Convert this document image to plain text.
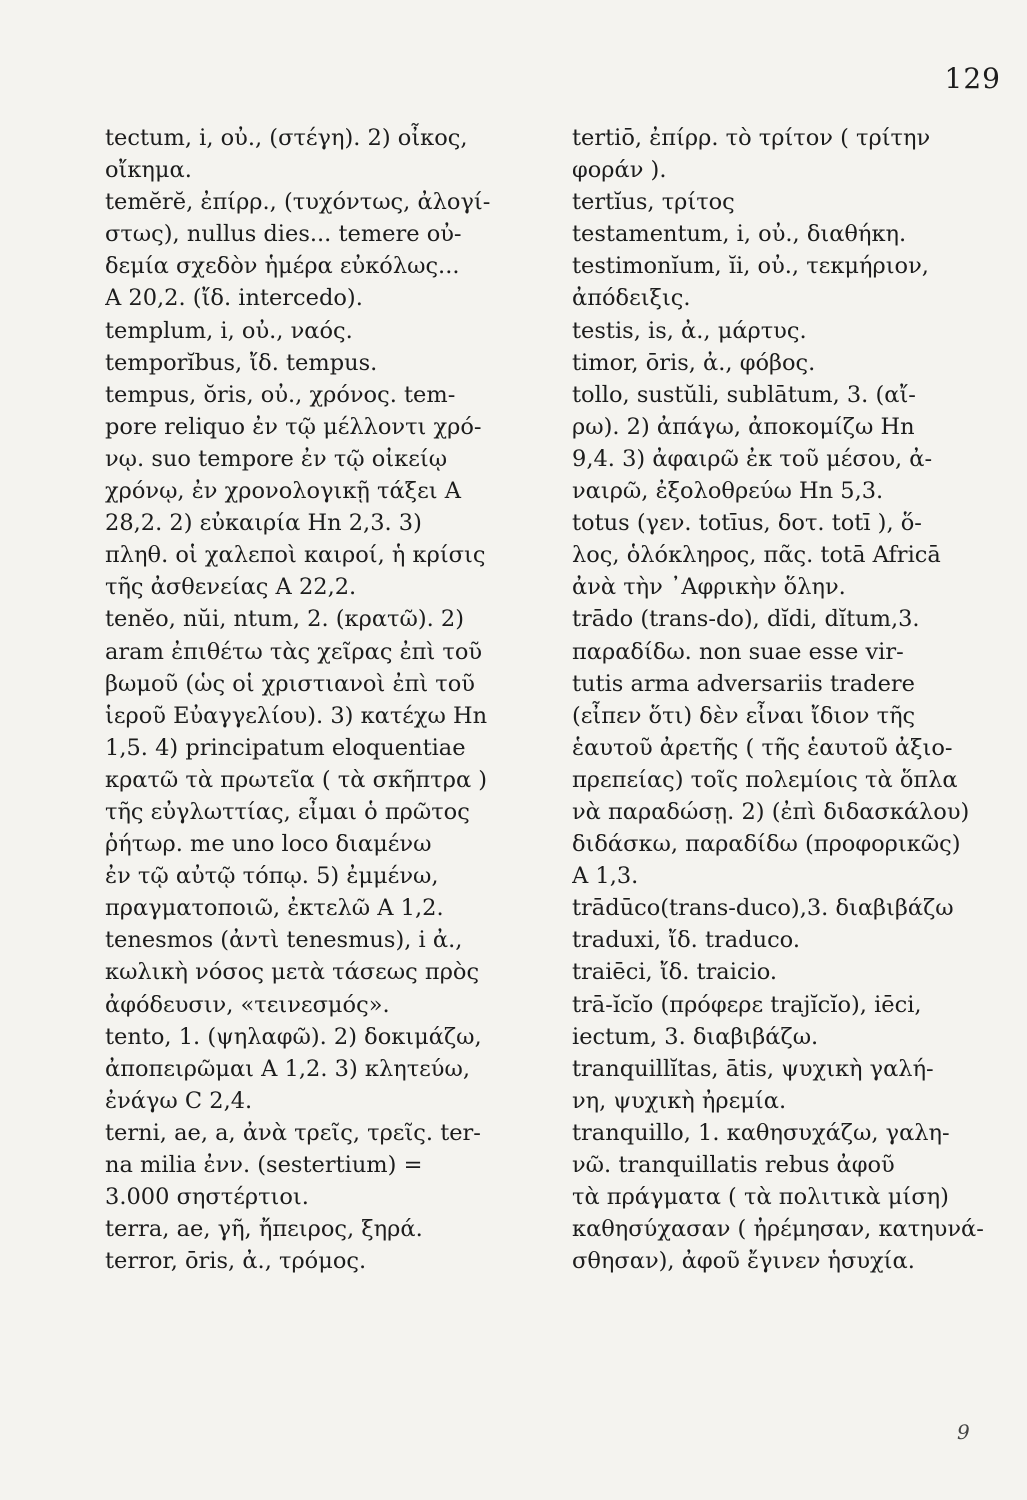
129
tectum, i, οὐ., (στέγη). 2) οἶκος,
οἴκημα.
temĕrĕ, ἐπίρρ., (τυχόντως, ἀλογί-
στως), nullus dies... temere οὐ-
δεμία σχεδὸν ἡμέρα εὐκόλως...
A 20,2. (ἴδ. intercedo).
templum, i, οὐ., ναός.
temporĭbus, ἴδ. tempus.
tempus, ŏris, οὐ., χρόνος. tem-
pore reliquo ἐν τῷ μέλλοντι χρό-
νῳ. suo tempore ἐν τῷ οἰκείῳ
χρόνῳ, ἐν χρονολογικῇ τάξει A
28,2. 2) εὐκαιρία Hn 2,3. 3)
πληθ. οἱ χαλεποὶ καιροί, ἡ κρίσις
τῆς ἀσθενείας A 22,2.
tenĕo, nŭi, ntum, 2. (κρατῶ). 2)
aram ἐπιθέτω τὰς χεῖρας ἐπὶ τοῦ
βωμοῦ (ὡς οἱ χριστιανοὶ ἐπὶ τοῦ
ἱεροῦ Εὐαγγελίου). 3) κατέχω Hn
1,5. 4) principatum eloquentiae
κρατῶ τὰ πρωτεῖα ( τὰ σκῆπτρα )
τῆς εὐγλωττίας, εἶμαι ὁ πρῶτος
ῥήτωρ. me uno loco διαμένω
ἐν τῷ αὐτῷ τόπῳ. 5) ἐμμένω,
πραγματοποιῶ, ἐκτελῶ A 1,2.
tenesmos (ἀντὶ tenesmus), i ἀ.,
κωλικὴ νόσος μετὰ τάσεως πρὸς
ἀφόδευσιν, «τεινεσμός».
tento, 1. (ψηλαφῶ). 2) δοκιμάζω,
ἀποπειρῶμαι A 1,2. 3) κλητεύω,
ἐνάγω C 2,4.
terni, ae, a, ἀνὰ τρεῖς, τρεῖς. ter-
na milia ἐνν. (sestertium) =
3.000 σηστέρτιοι.
terra, ae, γῆ, ἤπειρος, ξηρά.
terror, ōris, ἀ., τρόμος.
tertiō, ἐπίρρ. τὸ τρίτον ( τρίτην
φοράν ).
tertĭus, τρίτος
testamentum, i, οὐ., διαθήκη.
testimonĭum, ĭi, οὐ., τεκμήριον,
ἀπόδειξις.
testis, is, ἀ., μάρτυς.
timor, ōris, ἀ., φόβος.
tollo, sustŭli, sublātum, 3. (αἴ-
ρω). 2) ἀπάγω, ἀποκομίζω Hn
9,4. 3) ἀφαιρῶ ἐκ τοῦ μέσου, ἀ-
ναιρῶ, ἐξολοθρεύω Hn 5,3.
totus (γεν. totīus, δοτ. totī ), ὅ-
λος, ὁλόκληρος, πᾶς. totā Africā
ἀνὰ τὴν ᾿Αφρικὴν ὅλην.
trādo (trans-do), dĭdi, dĭtum,3.
παραδίδω. non suae esse vir-
tutis arma adversariis tradere
(εἶπεν ὅτι) δὲν εἶναι ἴδιον τῆς
ἑαυτοῦ ἀρετῆς ( τῆς ἑαυτοῦ ἀξιο-
πρεπείας) τοῖς πολεμίοις τὰ ὅπλα
νὰ παραδώσῃ. 2) (ἐπὶ διδασκάλου)
διδάσκω, παραδίδω (προφορικῶς)
A 1,3.
trādūco(trans-duco),3. διαβιβάζω
traduxi, ἴδ. traduco.
traiēci, ἴδ. traicio.
trā-ĭcĭo (πρόφερε trajĭcĭo), iēci,
iectum, 3. διαβιβάζω.
tranquillĭtas, ātis, ψυχικὴ γαλή-
νη, ψυχικὴ ἠρεμία.
tranquillo, 1. καθησυχάζω, γαλη-
νῶ. tranquillatis rebus ἀφοῦ
τὰ πράγματα ( τὰ πολιτικὰ μίση)
καθησύχασαν ( ἠρέμησαν, κατηυνά-
σθησαν), ἀφοῦ ἔγινεν ἡσυχία.
9
